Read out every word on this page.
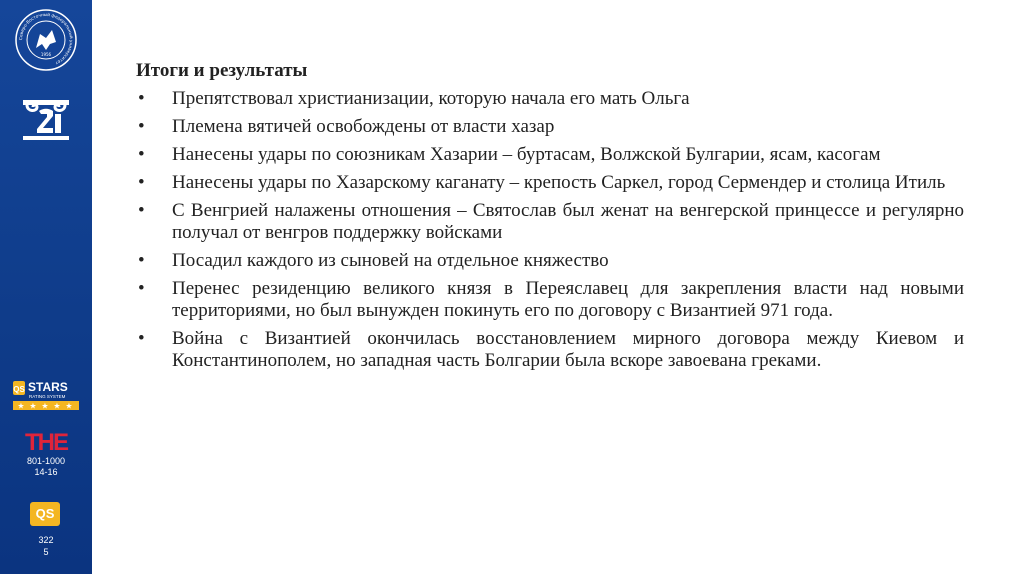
Северо-Восточный федеральный университет
1956
QS STARS
RATING SYSTEM
★ ★ ★ ★ ★
THE
801-1000
14-16
QS
322
5
Итоги и результаты
• Препятствовал христианизации, которую начала его мать Ольга
• Племена вятичей освобождены от власти хазар
• Нанесены удары по союзникам Хазарии – буртасам, Волжской Булгарии, ясам, касогам
• Нанесены удары по Хазарскому каганату – крепость Саркел, город Сермендер и столица Итиль
• С Венгрией налажены отношения – Святослав был женат на венгерской принцессе и регулярно получал от венгров поддержку войсками
• Посадил каждого из сыновей на отдельное княжество
• Перенес резиденцию великого князя в Переяславец для закрепления власти над новыми территориями, но был вынужден покинуть его по договору с Византией 971 года.
• Война с Византией окончилась восстановлением мирного договора между Киевом и Константинополем, но западная часть Болгарии была вскоре завоевана греками.
